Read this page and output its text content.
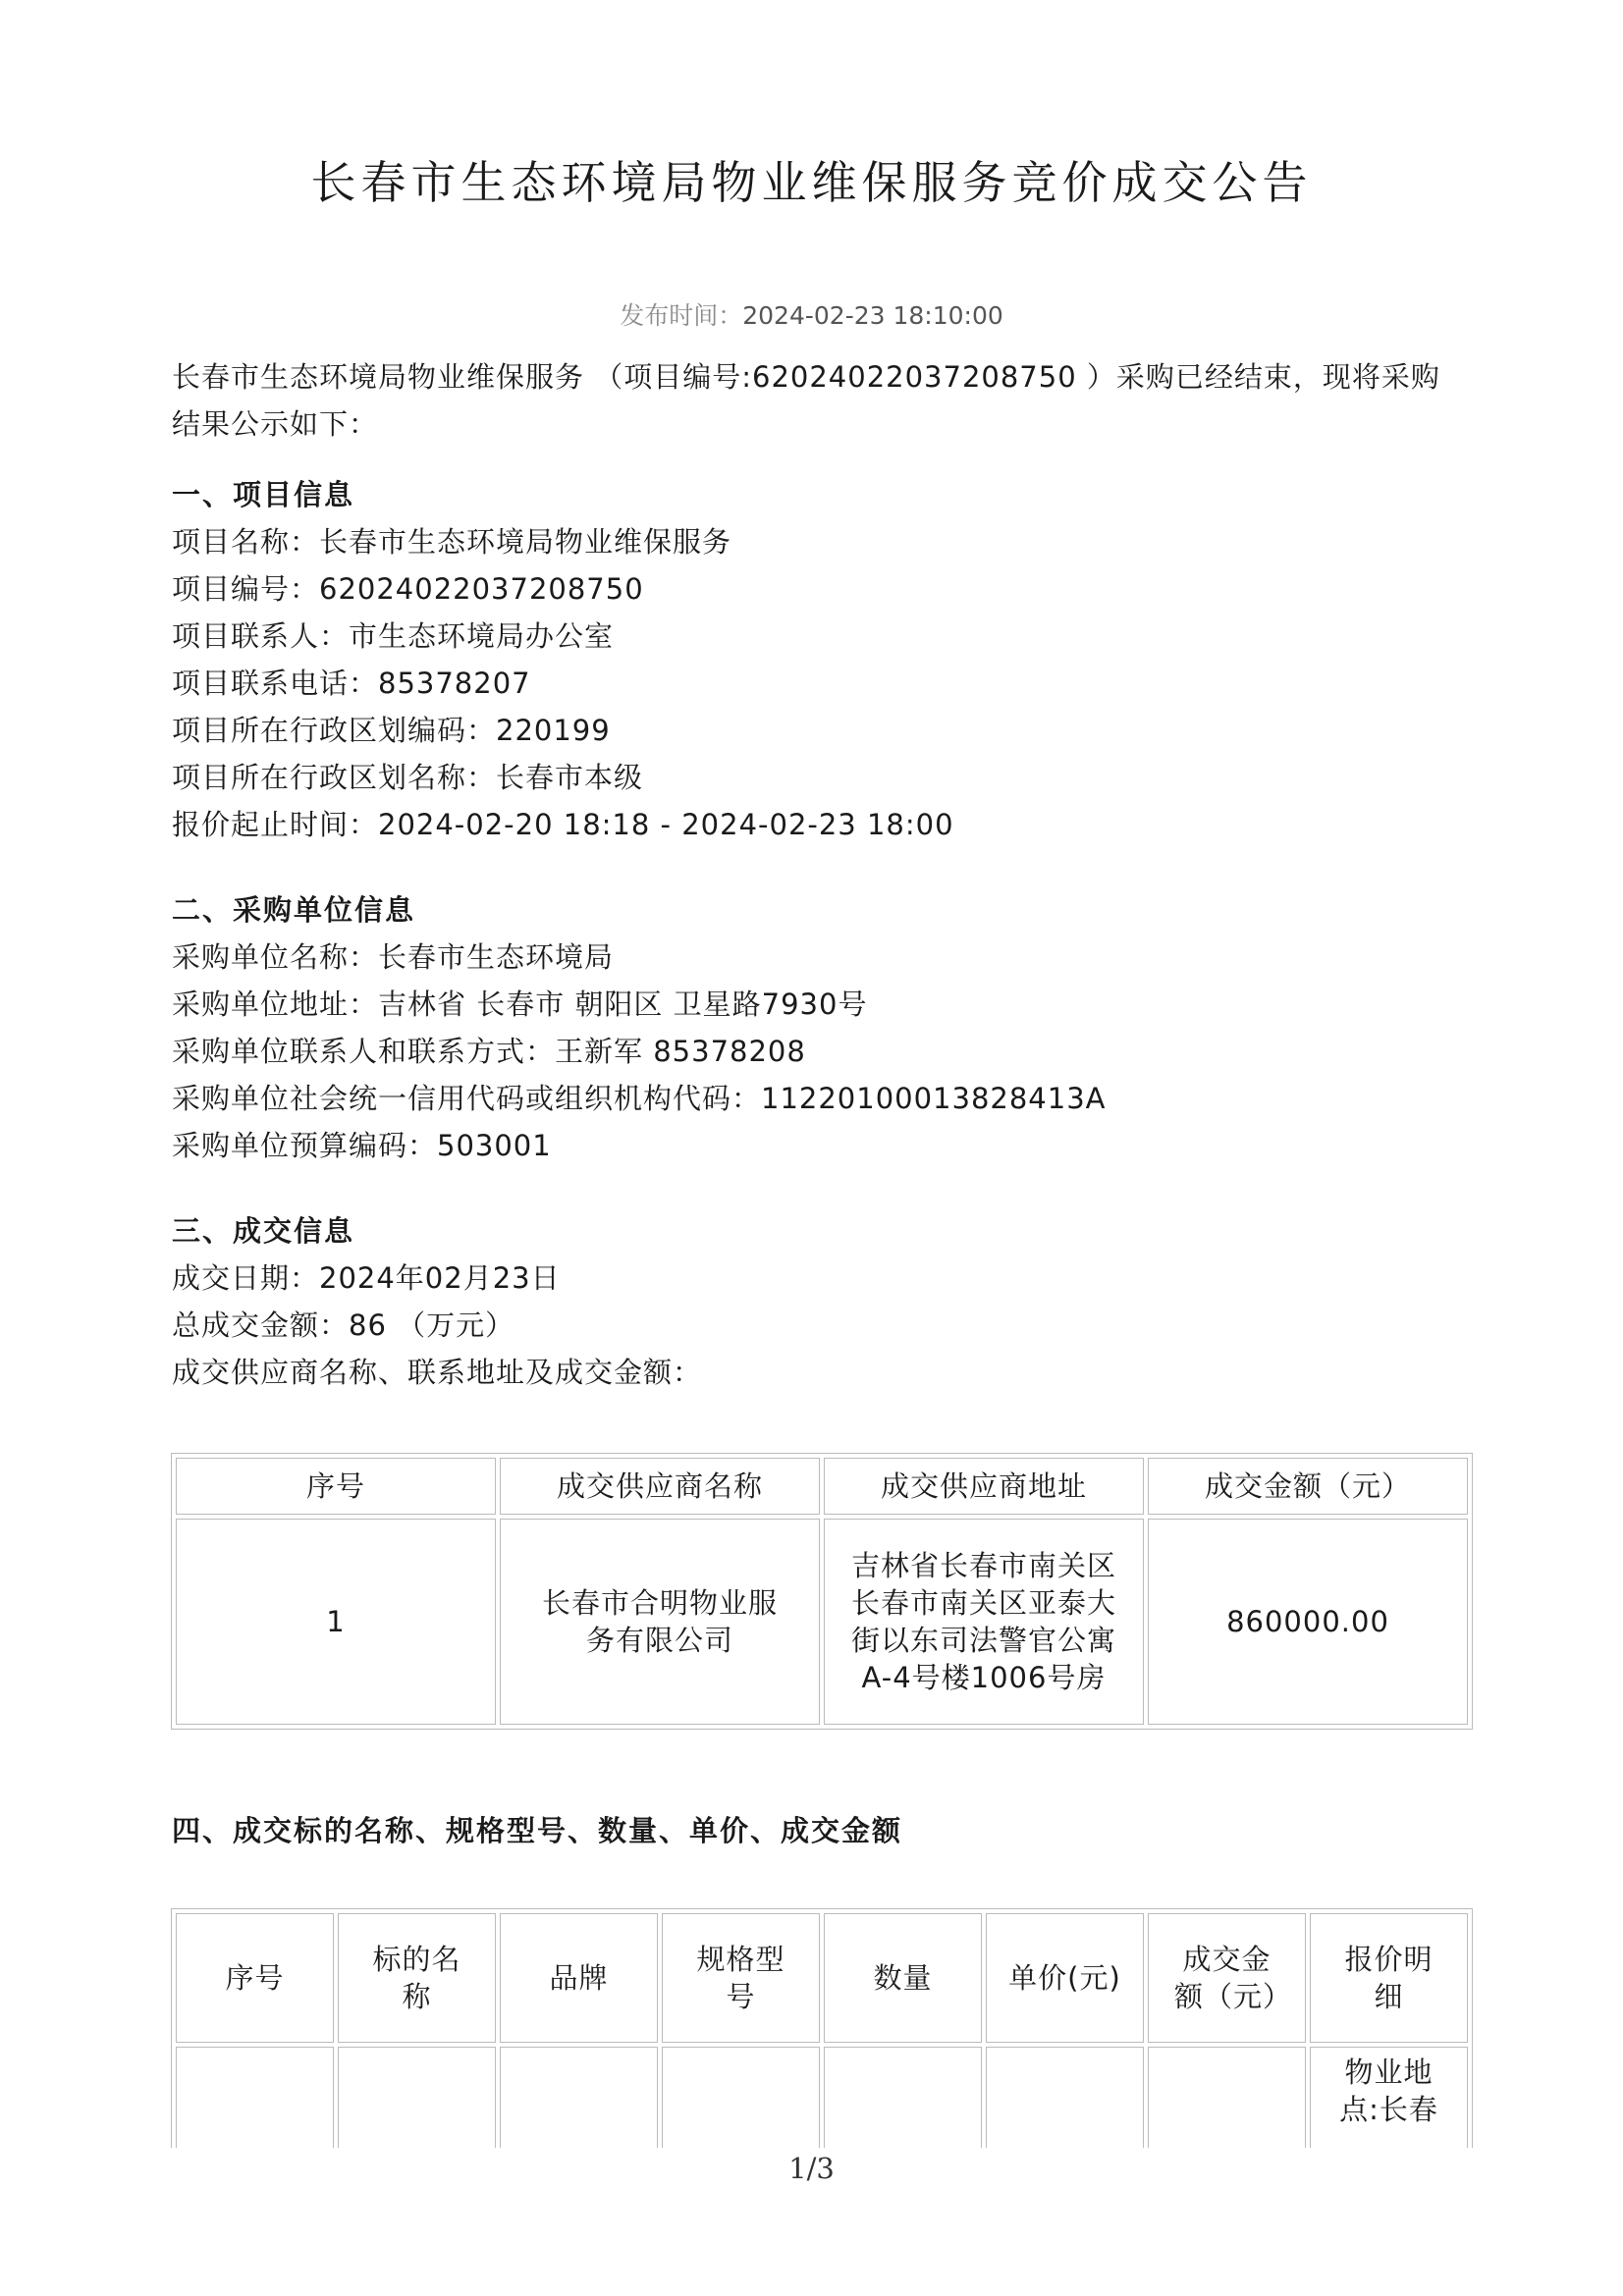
长春市生态环境局物业维保服务竞价成交公告
发布时间：2024-02-23 18:10:00
长春市生态环境局物业维保服务 （项目编号:62024022037208750 ）采购已经结束，现将采购结果公示如下：

一、项目信息

项目名称：长春市生态环境局物业维保服务

项目编号：62024022037208750

项目联系人：市生态环境局办公室

项目联系电话：85378207

项目所在行政区划编码：220199

项目所在行政区划名称：长春市本级

报价起止时间：2024-02-20 18:18 - 2024-02-23 18:00

二、采购单位信息

采购单位名称：长春市生态环境局

采购单位地址：吉林省 长春市 朝阳区 卫星路7930号

采购单位联系人和联系方式：王新军 85378208

采购单位社会统一信用代码或组织机构代码：11220100013828413A

采购单位预算编码：503001

三、成交信息

成交日期：2024年02月23日

总成交金额：86 （万元）

成交供应商名称、联系地址及成交金额：

序号	成交供应商名称	成交供应商地址	成交金额（元）
1	长春市合明物业服务有限公司	吉林省长春市南关区长春市南关区亚泰大街以东司法警官公寓A-4号楼1006号房	860000.00

四、成交标的名称、规格型号、数量、单价、成交金额

序号	标的名称	品牌	规格型号	数量	单价(元)	成交金额（元）	报价明细
							物业地点:长春
1/3
